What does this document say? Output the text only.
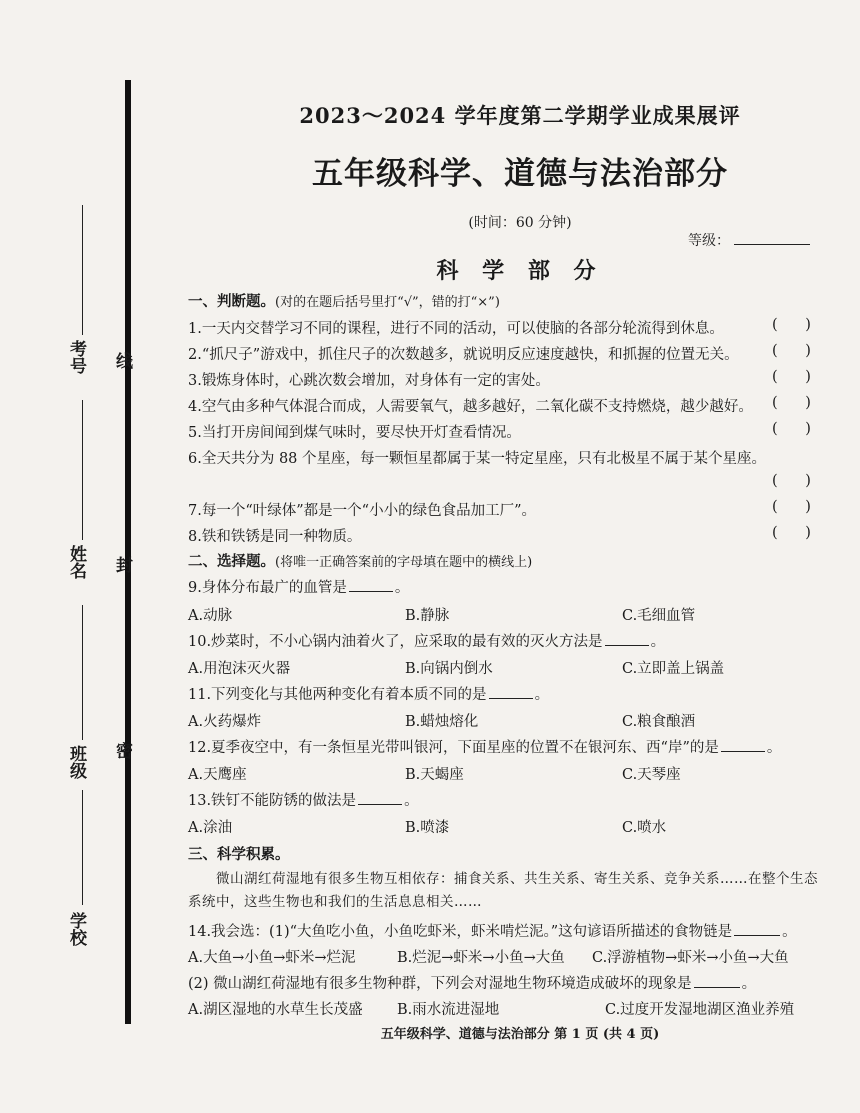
考号
姓名
班级
学校
线
封
密
2023～2024 学年度第二学期学业成果展评
五年级科学、道德与法治部分
(时间：60 分钟)
等级：
科 学 部 分
一、判断题。(对的在题后括号里打“√”，错的打“×”)
1.一天内交替学习不同的课程，进行不同的活动，可以使脑的各部分轮流得到休息。	(      )
2.“抓尺子”游戏中，抓住尺子的次数越多，就说明反应速度越快，和抓握的位置无关。 (      )
3.锻炼身体时，心跳次数会增加，对身体有一定的害处。	(      )
4.空气由多种气体混合而成，人需要氧气，越多越好，二氧化碳不支持燃烧，越少越好。 (      )
5.当打开房间闻到煤气味时，要尽快开灯查看情况。	(      )
6.全天共分为 88 个星座，每一颗恒星都属于某一特定星座，只有北极星不属于某个星座。
(      )
7.每一个“叶绿体”都是一个“小小的绿色食品加工厂”。	(      )
8.铁和铁锈是同一种物质。	(      )
二、选择题。(将唯一正确答案前的字母填在题中的横线上)
9.身体分布最广的血管是	。
A.动脉	B.静脉	C.毛细血管
10.炒菜时，不小心锅内油着火了，应采取的最有效的灭火方法是	。
A.用泡沫灭火器	B.向锅内倒水	C.立即盖上锅盖
11.下列变化与其他两种变化有着本质不同的是	。
A.火药爆炸	B.蜡烛熔化	C.粮食酿酒
12.夏季夜空中，有一条恒星光带叫银河，下面星座的位置不在银河东、西“岸”的是	。
A.天鹰座	B.天蝎座	C.天琴座
13.铁钉不能防锈的做法是	。
A.涂油	B.喷漆	C.喷水
三、科学积累。
微山湖红荷湿地有很多生物互相依存：捕食关系、共生关系、寄生关系、竞争关系……在整个生态系统中，这些生物也和我们的生活息息相关……
14.我会选：(1)“大鱼吃小鱼，小鱼吃虾米，虾米啃烂泥。”这句谚语所描述的食物链是	。
A.大鱼→小鱼→虾米→烂泥	B.烂泥→虾米→小鱼→大鱼 C.浮游植物→虾米→小鱼→大鱼
(2) 微山湖红荷湿地有很多生物种群，下列会对湿地生物环境造成破坏的现象是	。
A.湖区湿地的水草生长茂盛 B.雨水流进湿地	C.过度开发湿地湖区渔业养殖
五年级科学、道德与法治部分 第 1 页 (共 4 页)
